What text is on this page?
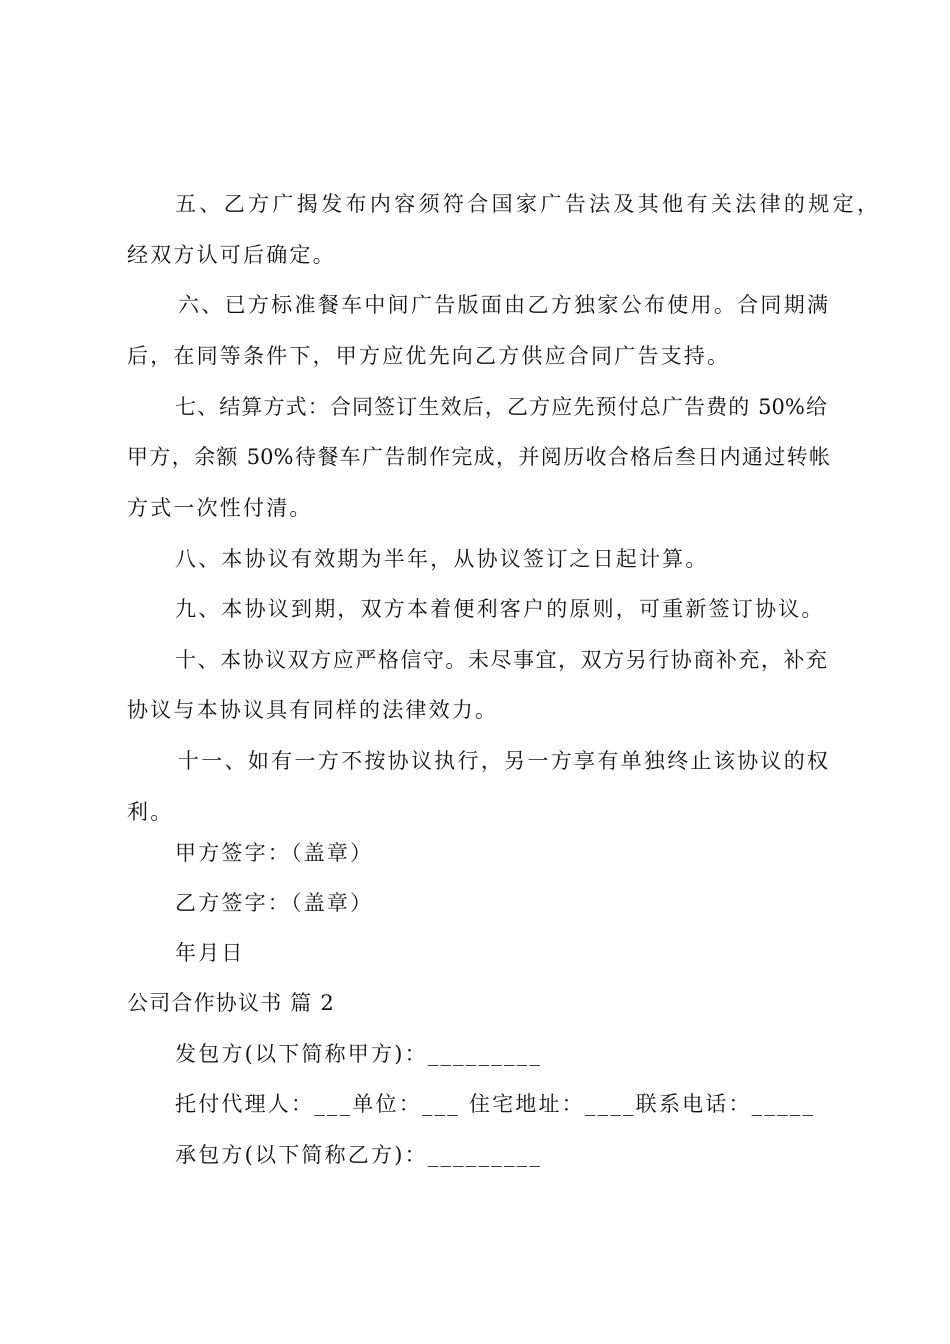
五、乙方广揭发布内容须符合国家广告法及其他有关法律的规定，
经双方认可后确定。
六、已方标准餐车中间广告版面由乙方独家公布使用。合同期满
后，在同等条件下，甲方应优先向乙方供应合同广告支持。
七、结算方式：合同签订生效后，乙方应先预付总广告费的 50%给
甲方，余额 50%待餐车广告制作完成，并阅历收合格后叁日内通过转帐
方式一次性付清。
八、本协议有效期为半年，从协议签订之日起计算。
九、本协议到期，双方本着便利客户的原则，可重新签订协议。
十、本协议双方应严格信守。未尽事宜，双方另行协商补充，补充
协议与本协议具有同样的法律效力。
十一、如有一方不按协议执行，另一方享有单独终止该协议的权
利。
甲方签字：（盖章）
乙方签字：（盖章）
年月日
公司合作协议书 篇 2
发包方(以下简称甲方)：_________
托付代理人：___单位：___ 住宅地址：____联系电话：_____
承包方(以下简称乙方)：_________
